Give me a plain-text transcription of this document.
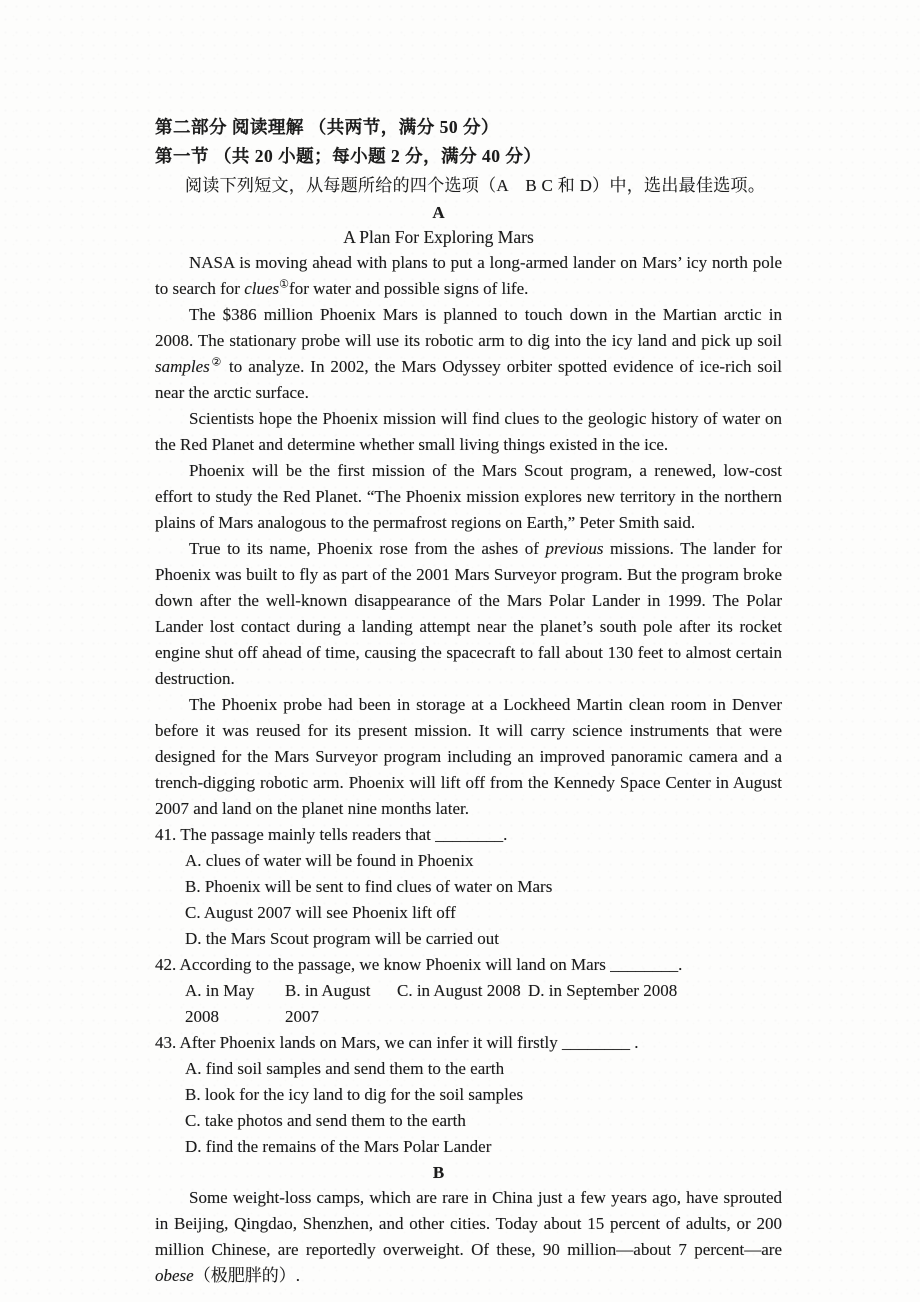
第二部分 阅读理解 （共两节，满分 50 分）
第一节 （共 20 小题；每小题 2 分，满分 40 分）
阅读下列短文，从每题所给的四个选项（A　B C 和 D）中，选出最佳选项。
A
A Plan For Exploring Mars

NASA is moving ahead with plans to put a long-armed lander on Mars’ icy north pole to search for clues①for water and possible signs of life.

The $386 million Phoenix Mars is planned to touch down in the Martian arctic in 2008. The stationary probe will use its robotic arm to dig into the icy land and pick up soil samples② to analyze. In 2002, the Mars Odyssey orbiter spotted evidence of ice-rich soil near the arctic surface.

Scientists hope the Phoenix mission will find clues to the geologic history of water on the Red Planet and determine whether small living things existed in the ice.

Phoenix will be the first mission of the Mars Scout program, a renewed, low-cost effort to study the Red Planet. “The Phoenix mission explores new territory in the northern plains of Mars analogous to the permafrost regions on Earth,” Peter Smith said.

True to its name, Phoenix rose from the ashes of previous missions. The lander for Phoenix was built to fly as part of the 2001 Mars Surveyor program. But the program broke down after the well-known disappearance of the Mars Polar Lander in 1999. The Polar Lander lost contact during a landing attempt near the planet’s south pole after its rocket engine shut off ahead of time, causing the spacecraft to fall about 130 feet to almost certain destruction.

The Phoenix probe had been in storage at a Lockheed Martin clean room in Denver before it was reused for its present mission. It will carry science instruments that were designed for the Mars Surveyor program including an improved panoramic camera and a trench-digging robotic arm. Phoenix will lift off from the Kennedy Space Center in August 2007 and land on the planet nine months later.

41. The passage mainly tells readers that ________.
A. clues of water will be found in Phoenix
B. Phoenix will be sent to find clues of water on Mars
C. August 2007 will see Phoenix lift off
D. the Mars Scout program will be carried out
42. According to the passage, we know Phoenix will land on Mars ________.
A. in May 2008
B. in August 2007
C. in August 2008 D. in September 2008
43. After Phoenix lands on Mars, we can infer it will firstly ________ .
A. find soil samples and send them to the earth
B. look for the icy land to dig for the soil samples
C. take photos and send them to the earth
D. find the remains of the Mars Polar Lander
B

Some weight-loss camps, which are rare in China just a few years ago, have sprouted in Beijing, Qingdao, Shenzhen, and other cities. Today about 15 percent of adults, or 200 million Chinese, are reportedly overweight. Of these, 90 million—about 7 percent—are obese（极肥胖的）.
